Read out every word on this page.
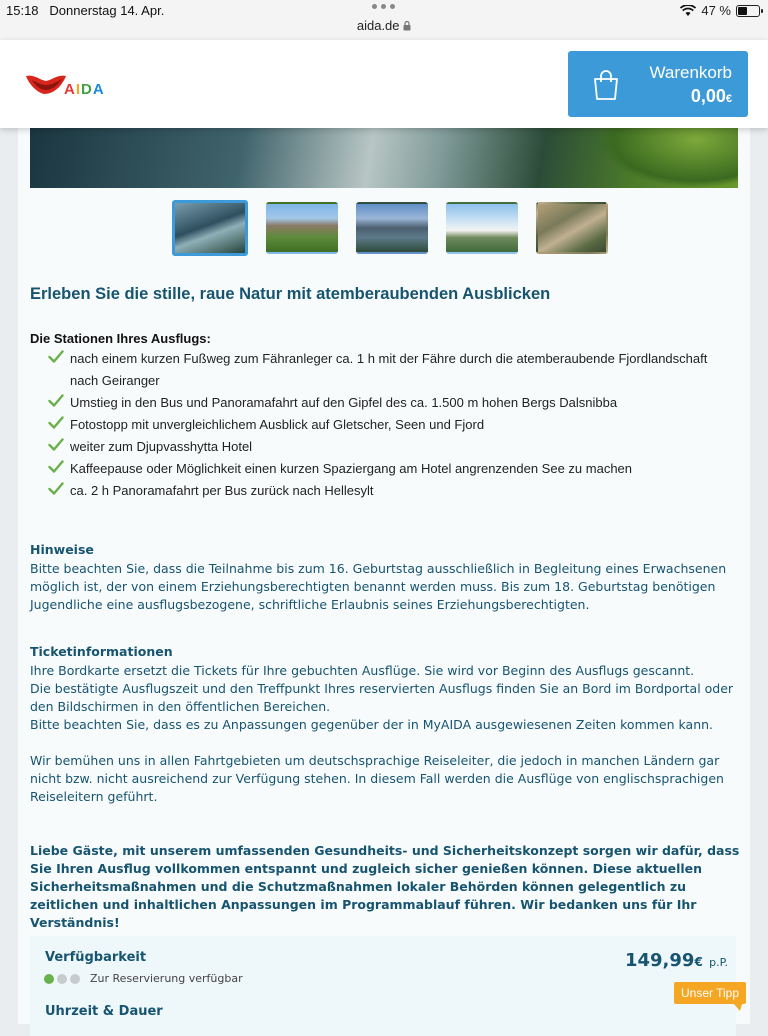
15:18 Donnerstag 14. Apr.
aida.de
47 %
AIDA
Warenkorb
0,00€
Erleben Sie die stille, raue Natur mit atemberaubenden Ausblicken
Die Stationen Ihres Ausflugs:
nach einem kurzen Fußweg zum Fähranleger ca. 1 h mit der Fähre durch die atemberaubende Fjordlandschaft nach Geiranger
Umstieg in den Bus und Panoramafahrt auf den Gipfel des ca. 1.500 m hohen Bergs Dalsnibba
Fotostopp mit unvergleichlichem Ausblick auf Gletscher, Seen und Fjord
weiter zum Djupvasshytta Hotel
Kaffeepause oder Möglichkeit einen kurzen Spaziergang am Hotel angrenzenden See zu machen
ca. 2 h Panoramafahrt per Bus zurück nach Hellesylt
Hinweise
Bitte beachten Sie, dass die Teilnahme bis zum 16. Geburtstag ausschließlich in Begleitung eines Erwachsenen möglich ist, der von einem Erziehungsberechtigten benannt werden muss. Bis zum 18. Geburtstag benötigen Jugendliche eine ausflugsbezogene, schriftliche Erlaubnis seines Erziehungsberechtigten.
Ticketinformationen
Ihre Bordkarte ersetzt die Tickets für Ihre gebuchten Ausflüge. Sie wird vor Beginn des Ausflugs gescannt.
Die bestätigte Ausflugszeit und den Treffpunkt Ihres reservierten Ausflugs finden Sie an Bord im Bordportal oder den Bildschirmen in den öffentlichen Bereichen.
Bitte beachten Sie, dass es zu Anpassungen gegenüber der in MyAIDA ausgewiesenen Zeiten kommen kann.
Wir bemühen uns in allen Fahrtgebieten um deutschsprachige Reiseleiter, die jedoch in manchen Ländern gar nicht bzw. nicht ausreichend zur Verfügung stehen. In diesem Fall werden die Ausflüge von englischsprachigen Reiseleitern geführt.
Liebe Gäste, mit unserem umfassenden Gesundheits- und Sicherheitskonzept sorgen wir dafür, dass Sie Ihren Ausflug vollkommen entspannt und zugleich sicher genießen können. Diese aktuellen Sicherheitsmaßnahmen und die Schutzmaßnahmen lokaler Behörden können gelegentlich zu zeitlichen und inhaltlichen Anpassungen im Programmablauf führen. Wir bedanken uns für Ihr Verständnis!
Verfügbarkeit
Zur Reservierung verfügbar
149,99€ p.P.
Uhrzeit & Dauer
Unser Tipp
